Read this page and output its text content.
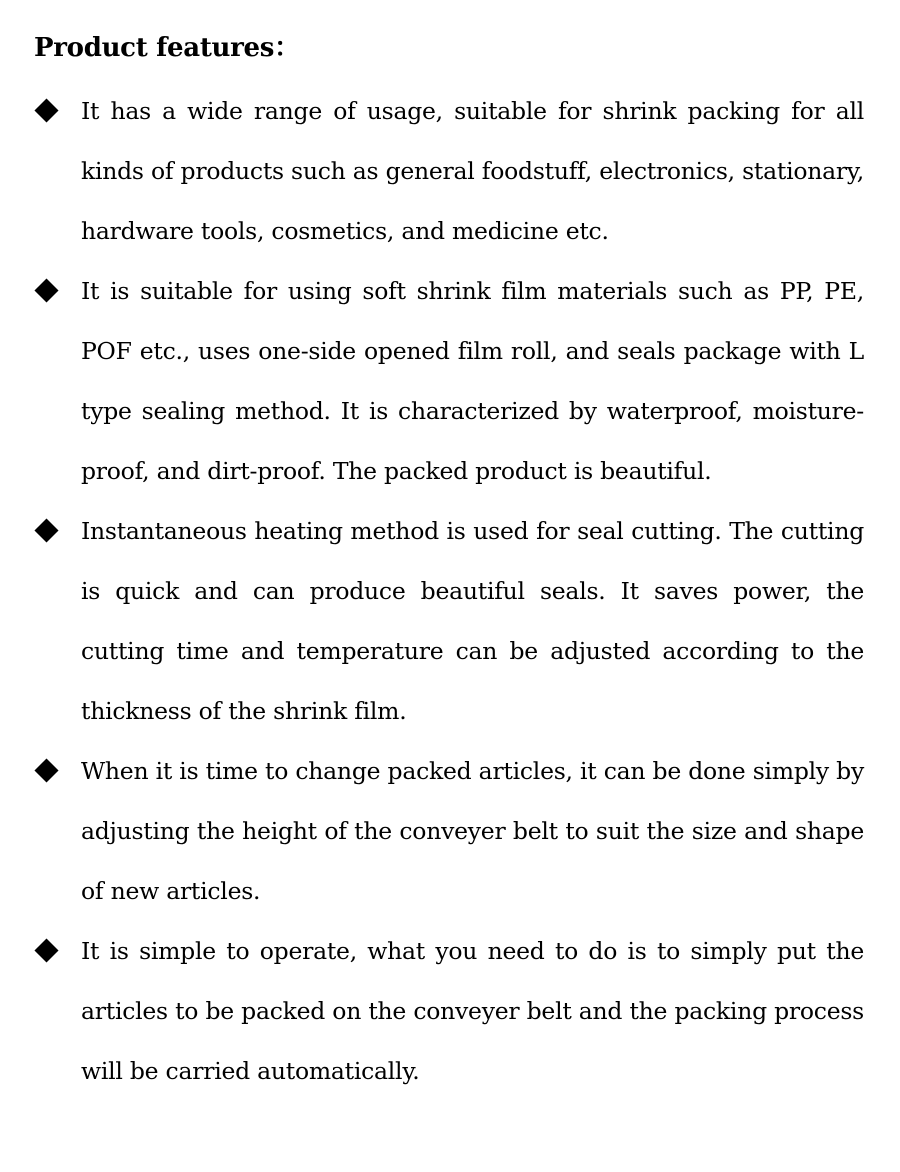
Product features：
It has a wide range of usage, suitable for shrink packing for all kinds of products such as general foodstuff, electronics, stationary, hardware tools, cosmetics, and medicine etc.
It is suitable for using soft shrink film materials such as PP, PE, POF etc., uses one-side opened film roll, and seals package with L type sealing method. It is characterized by waterproof, moisture-proof, and dirt-proof. The packed product is beautiful.
Instantaneous heating method is used for seal cutting. The cutting is quick and can produce beautiful seals. It saves power, the cutting time and temperature can be adjusted according to the thickness of the shrink film.
When it is time to change packed articles, it can be done simply by adjusting the height of the conveyer belt to suit the size and shape of new articles.
It is simple to operate, what you need to do is to simply put the articles to be packed on the conveyer belt and the packing process will be carried automatically.
